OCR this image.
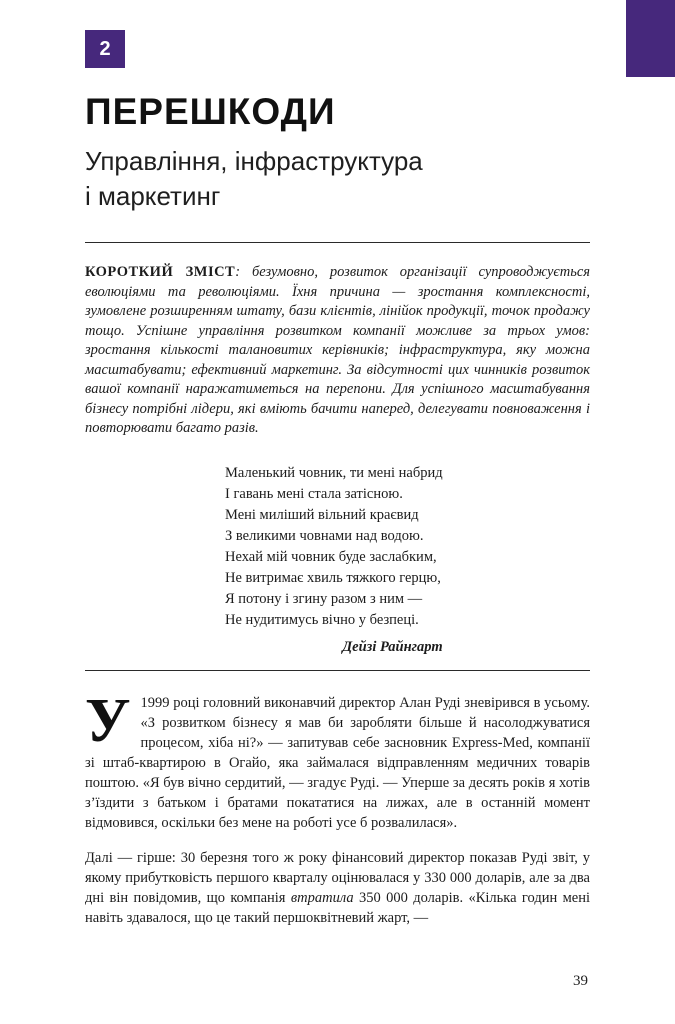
2
ПЕРЕШКОДИ
Управління, інфраструктура
і маркетинг

КОРОТКИЙ ЗМІСТ: безумовно, розвиток організації супроводжується еволюціями та революціями. Їхня причина — зростання комплексності, зумовлене розширенням штату, бази клієнтів, лінійок продукції, точок продажу тощо. Успішне управління розвитком компанії можливе за трьох умов: зростання кількості талановитих керівників; інфраструктура, яку можна масштабувати; ефективний маркетинг. За відсутності цих чинників розвиток вашої компанії наражатиметься на перепони. Для успішного масштабування бізнесу потрібні лідери, які вміють бачити наперед, делегувати повноваження і повторювати багато разів.

Маленький човник, ти мені набрид
І гавань мені стала затісною.
Мені миліший вільний краєвид
З великими човнами над водою.
Нехай мій човник буде заслабким,
Не витримає хвиль тяжкого герцю,
Я потону і згину разом з ним —
Не нудитимусь вічно у безпеці.
Дейзі Райнгарт

У 1999 році головний виконавчий директор Алан Руді зневірився в усьому. «З розвитком бізнесу я мав би заробляти більше й насолоджуватися процесом, хіба ні?» — запитував себе засновник Express-Med, компанії зі штаб-квартирою в Огайо, яка займалася відправленням медичних товарів поштою. «Я був вічно сердитий, — згадує Руді. — Уперше за десять років я хотів з’їздити з батьком і братами покататися на лижах, але в останній момент відмовився, оскільки без мене на роботі усе б розвалилася».

Далі — гірше: 30 березня того ж року фінансовий директор показав Руді звіт, у якому прибутковість першого кварталу оцінювалася у 330 000 доларів, але за два дні він повідомив, що компанія втратила 350 000 доларів. «Кілька годин мені навіть здавалося, що це такий першоквітневий жарт, —

39
